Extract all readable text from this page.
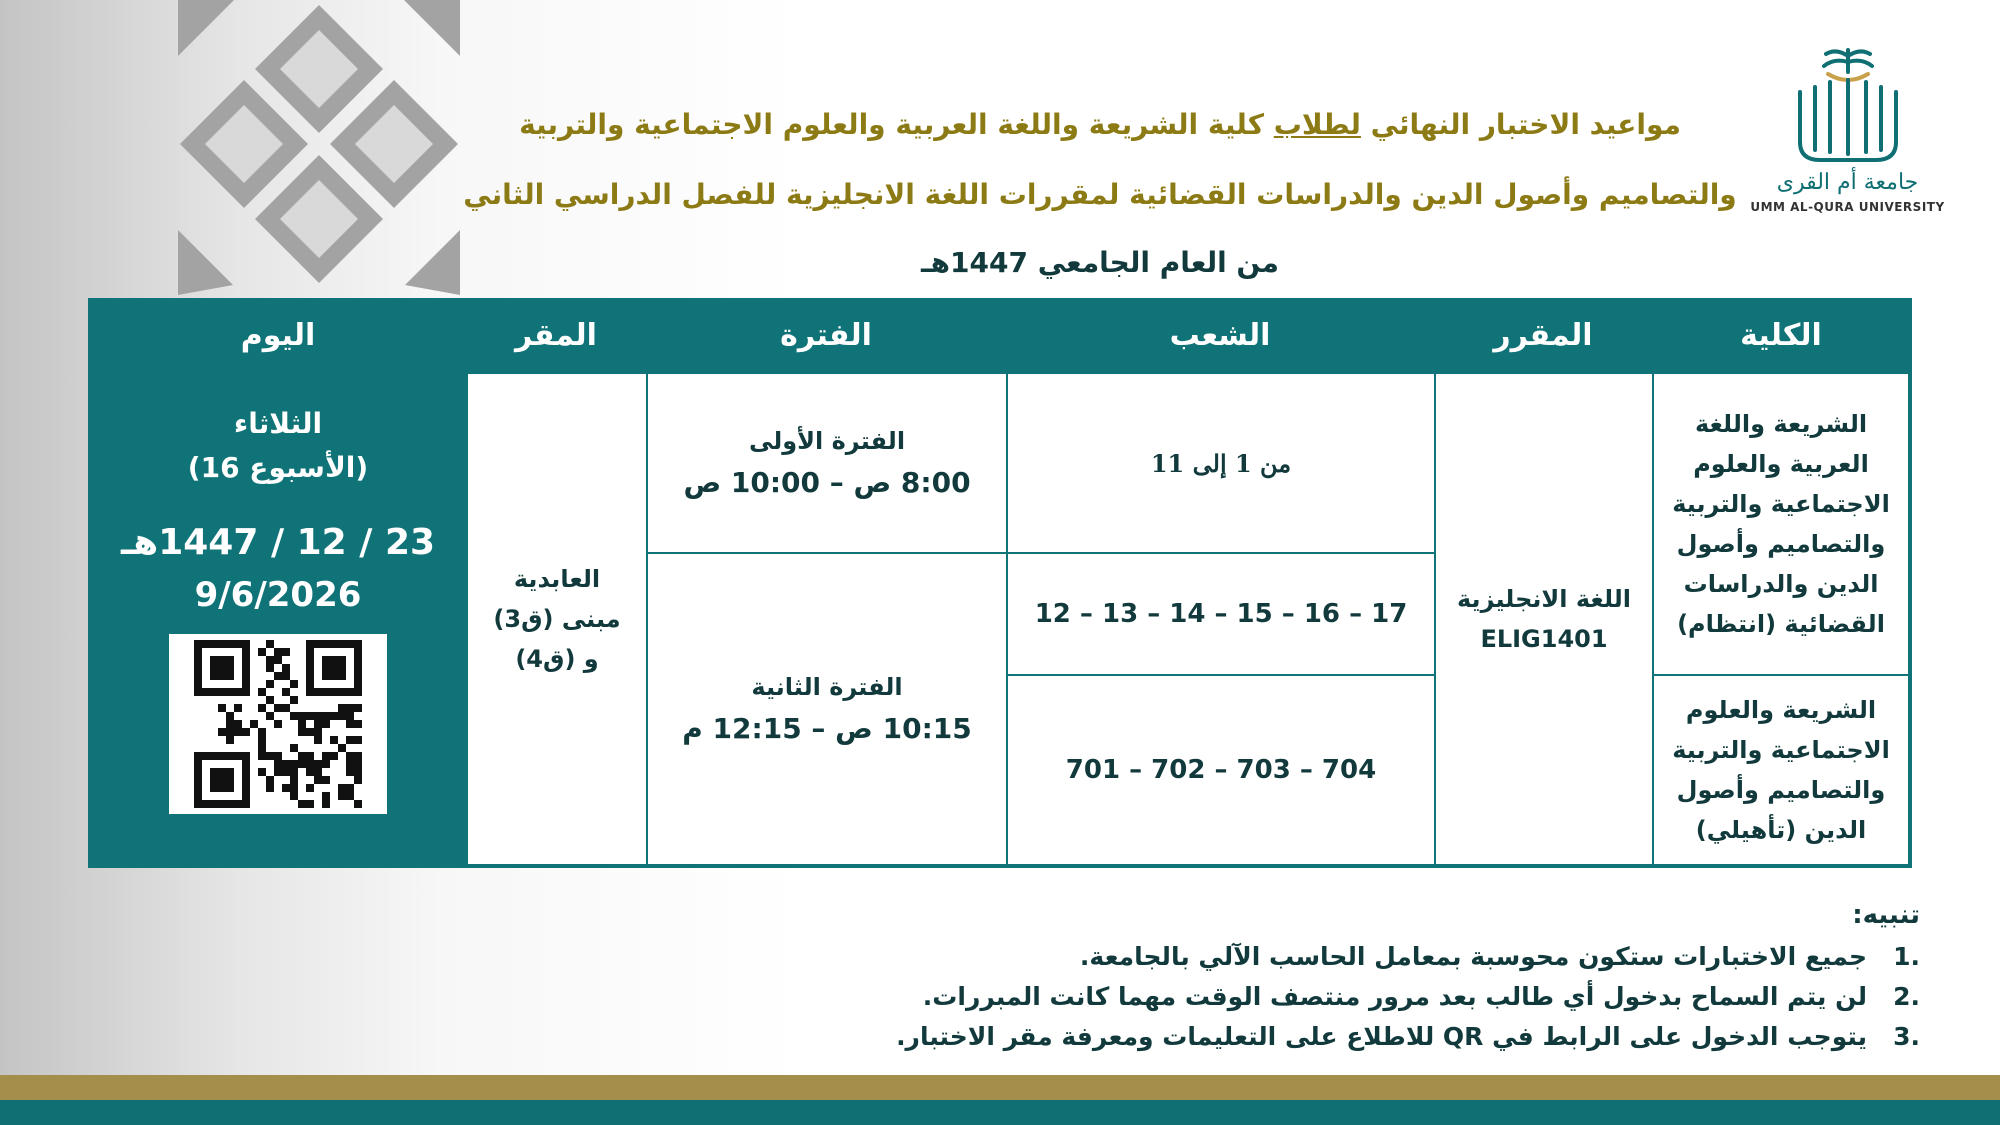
جامعة أم القرى
UMM AL-QURA UNIVERSITY
مواعيد الاختبار النهائي لطلاب كلية الشريعة واللغة العربية والعلوم الاجتماعية والتربية
والتصاميم وأصول الدين والدراسات القضائية لمقررات اللغة الانجليزية للفصل الدراسي الثاني
من العام الجامعي 1447هـ
الكلية
المقرر
الشعب
الفترة
المقر
اليوم
الشريعة واللغة
العربية والعلوم
الاجتماعية والتربية
والتصاميم وأصول
الدين والدراسات
القضائية (انتظام)
الشريعة والعلوم
الاجتماعية والتربية
والتصاميم وأصول
الدين (تأهيلي)
اللغة الانجليزية
ELIG1401
من 1 إلى 11
12 – 13 – 14 – 15 – 16 – 17
701 – 702 – 703 – 704
الفترة الأولى
8:00 ص – 10:00 ص
الفترة الثانية
10:15 ص – 12:15 م
العابدية
مبنى (ق3)
و (ق4)
الثلاثاء
(الأسبوع 16)
23 / 12 / 1447هـ
9/6/2026
تنبيه:
.1   جميع الاختبارات ستكون محوسبة بمعامل الحاسب الآلي بالجامعة.
.2   لن يتم السماح بدخول أي طالب بعد مرور منتصف الوقت مهما كانت المبررات.
.3   يتوجب الدخول على الرابط في QR للاطلاع على التعليمات ومعرفة مقر الاختبار.
